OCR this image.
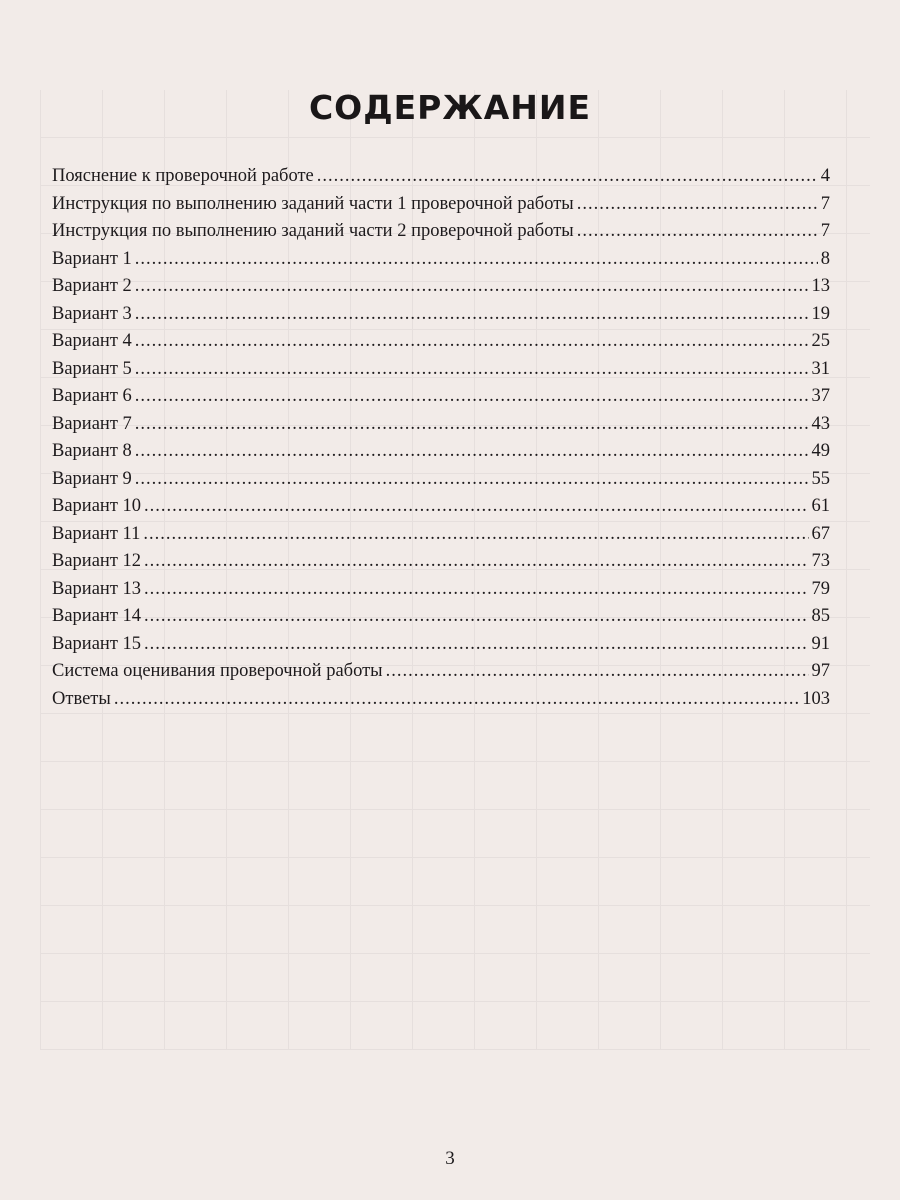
СОДЕРЖАНИЕ
Пояснение к проверочной работе .....	4
Инструкция по выполнению заданий части 1 проверочной работы .....	7
Инструкция по выполнению заданий части 2 проверочной работы .....	7
Вариант 1 .....	8
Вариант 2 .....	13
Вариант 3 .....	19
Вариант 4 .....	25
Вариант 5 .....	31
Вариант 6 .....	37
Вариант 7 .....	43
Вариант 8 .....	49
Вариант 9 .....	55
Вариант 10 .....	61
Вариант 11 .....	67
Вариант 12 .....	73
Вариант 13 .....	79
Вариант 14 .....	85
Вариант 15 .....	91
Система оценивания проверочной работы .....	97
Ответы .....	103
3
